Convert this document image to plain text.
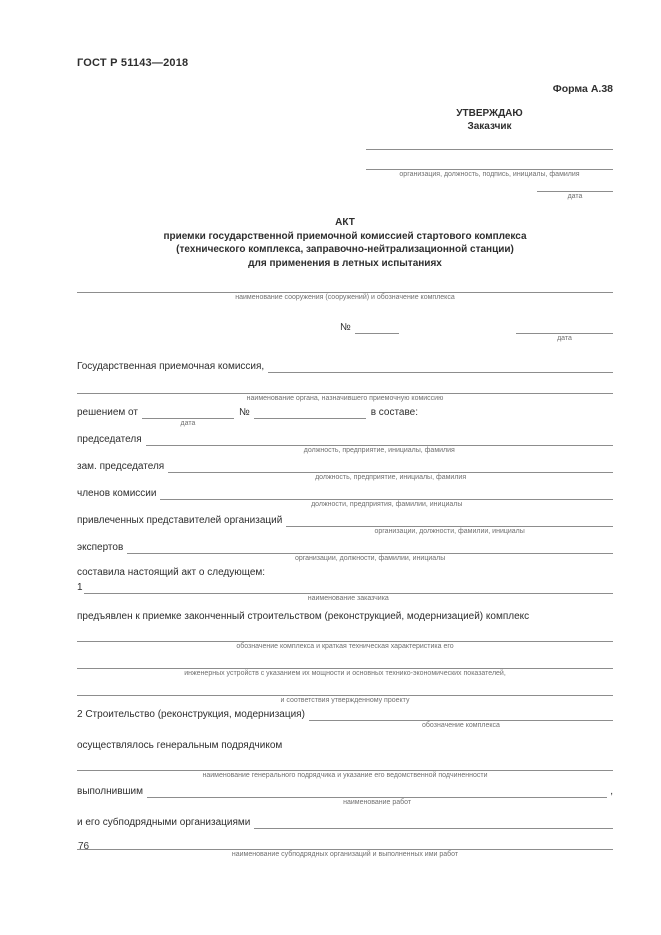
ГОСТ Р 51143—2018
Форма А.38
УТВЕРЖДАЮ
Заказчик
организация, должность, подпись, инициалы, фамилия
дата
АКТ
приемки государственной приемочной комиссией стартового комплекса
(технического комплекса, заправочно-нейтрализационной станции)
для применения в летных испытаниях
наименование сооружения (сооружений) и обозначение комплекса
№
дата
Государственная приемочная комиссия,
наименование органа, назначившего приемочную комиссию
решением от
дата
№	в составе:
председателя
должность, предприятие, инициалы, фамилия
зам. председателя
должность, предприятие, инициалы, фамилия
членов комиссии
должности, предприятия, фамилии, инициалы
привлеченных представителей организаций
организации, должности, фамилии, инициалы
экспертов
организации, должности, фамилии, инициалы

составила настоящий акт о следующем:

1
наименование заказчика

предъявлен к приемке законченный строительством (реконструкцией, модернизацией) комплекс

обозначение комплекса и краткая техническая характеристика его
инженерных устройств с указанием их мощности и основных технико-экономических показателей,
и соответствия утвержденному проекту
2 Строительство (реконструкция, модернизация)
обозначение комплекса

осуществлялось генеральным подрядчиком

наименование генерального подрядчика и указание его ведомственной подчиненности
выполнившим
наименование работ
,
и его субподрядными организациями
наименование субподрядных организаций и выполненных ими работ
76
